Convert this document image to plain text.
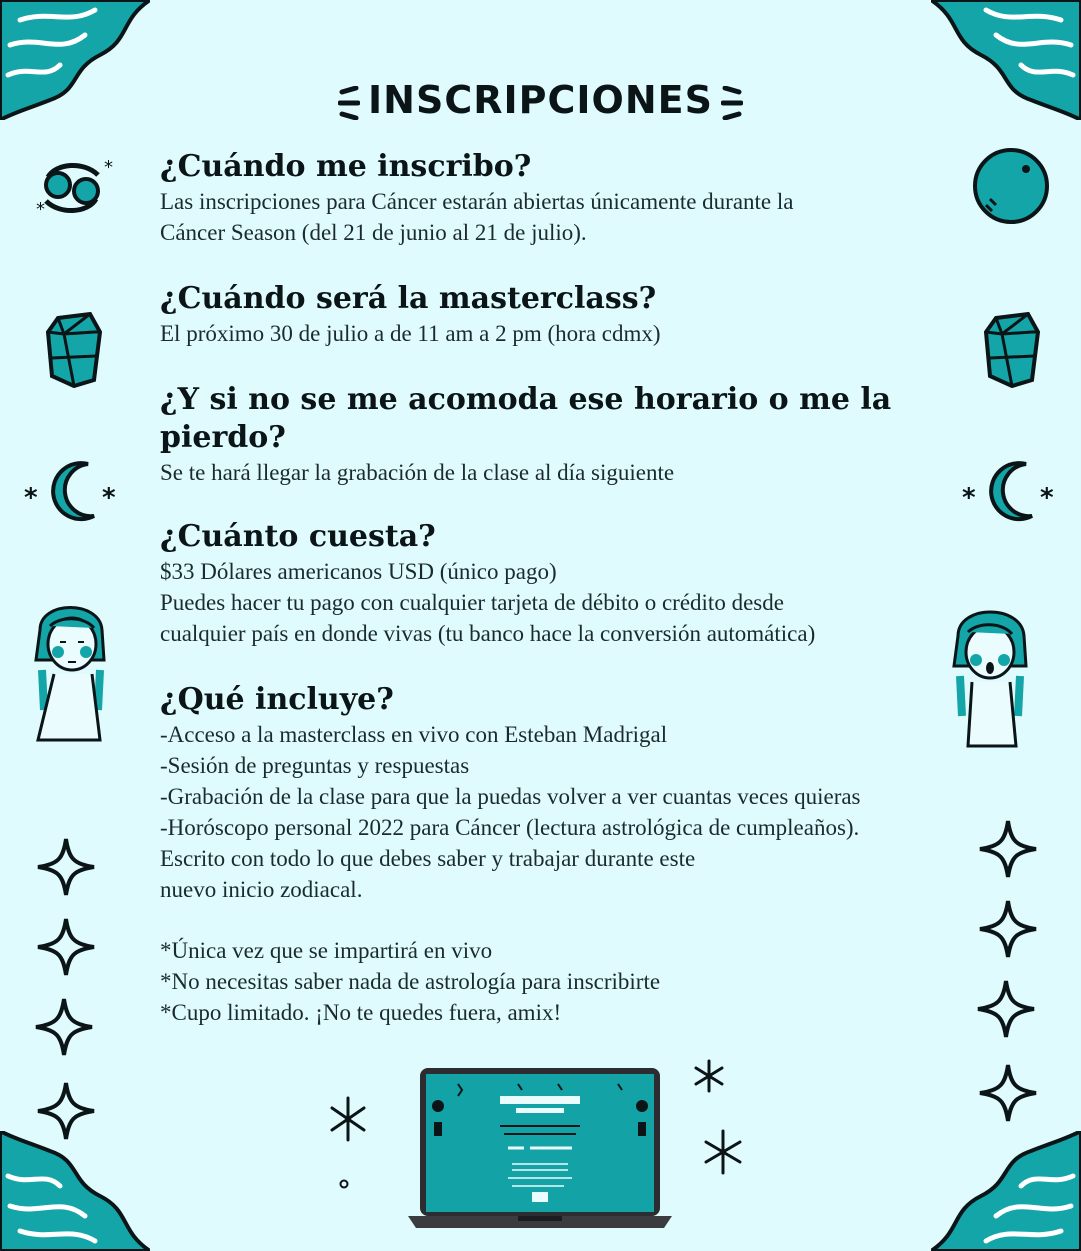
INSCRIPCIONES
*
*
* *	* *

¿Cuándo me inscribo?

Las inscripciones para Cáncer estarán abiertas únicamente durante la

Cáncer Season (del 21 de junio al 21 de julio).

¿Cuándo será la masterclass?

El próximo 30 de julio a de 11 am a 2 pm (hora cdmx)

¿Y si no se me acomoda ese horario o me la pierdo?

Se te hará llegar la grabación de la clase al día siguiente

¿Cuánto cuesta?

$33 Dólares americanos USD (único pago)

Puedes hacer tu pago con cualquier tarjeta de débito o crédito desde

cualquier país en donde vivas (tu banco hace la conversión automática)

¿Qué incluye?

-Acceso a la masterclass en vivo con Esteban Madrigal

-Sesión de preguntas y respuestas

-Grabación de la clase para que la puedas volver a ver cuantas veces quieras

-Horóscopo personal 2022 para Cáncer (lectura astrológica de cumpleaños).

Escrito con todo lo que debes saber y trabajar durante este

nuevo inicio zodiacal.

*Única vez que se impartirá en vivo

*No necesitas saber nada de astrología para inscribirte

*Cupo limitado. ¡No te quedes fuera, amix!
